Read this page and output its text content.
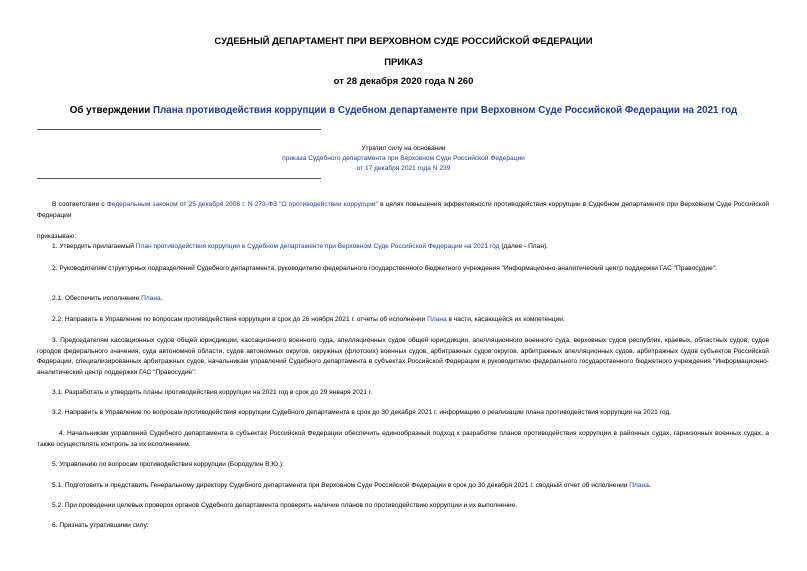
СУДЕБНЫЙ ДЕПАРТАМЕНТ ПРИ ВЕРХОВНОМ СУДЕ РОССИЙСКОЙ ФЕДЕРАЦИИ
ПРИКАЗ
от 28 декабря 2020 года N 260
Об утверждении Плана противодействия коррупции в Судебном департаменте при Верховном Суде Российской Федерации на 2021 год
Утратил силу на основании
приказа Судебного департамента при Верховном Суде Российской Федерации
от 17 декабря 2021 года N 239
В соответствии с Федеральным законом от 25 декабря 2008 г. N 273-ФЗ "О противодействии коррупции" в целях повышения эффективности противодействия коррупции в Судебном департаменте при Верховном Суде Российской Федерации
приказываю:
1. Утвердить прилагаемый План противодействия коррупции в Судебном департаменте при Верховном Суде Российской Федерации на 2021 год (далее - План).
2. Руководителям структурных подразделений Судебного департамента, руководителю федерального государственного бюджетного учреждения "Информационно-аналитический центр поддержки ГАС "Правосудие":
2.1. Обеспечить исполнение Плана.
2.2. Направить в Управление по вопросам противодействия коррупции в срок до 26 ноября 2021 г. отчеты об исполнении Плана в части, касающейся их компетенции.
3. Председателям кассационных судов общей юрисдикции, кассационного военного суда, апелляционных судов общей юрисдикции, апелляционного военного суда, верховных судов республик, краевых, областных судов, судов городов федерального значения, суда автономной области, судов автономных округов, окружных (флотских) военных судов, арбитражных судов округов, арбитражных апелляционных судов, арбитражных судов субъектов Российской Федерации, специализированных арбитражных судов, начальникам управлений Судебного департамента в субъектах Российской Федерации и руководителю федерального государственного бюджетного учреждения "Информационно-аналитический центр поддержки ГАС "Правосудие":
3.1. Разработать и утвердить планы противодействия коррупции на 2021 год в срок до 29 января 2021 г.
3.2. Направить в Управление по вопросам противодействия коррупции Судебного департамента в срок до 30 декабря 2021 г. информацию о реализации плана противодействия коррупции на 2021 год.
4. Начальникам управлений Судебного департамента в субъектах Российской Федерации обеспечить единообразный подход к разработке планов противодействия коррупции в районных судах, гарнизонных военных судах, а также осуществлять контроль за их исполнением.
5. Управлению по вопросам противодействия коррупции (Бородулин В.Ю.):
5.1. Подготовить и представить Генеральному директору Судебного департамента при Верховном Суде Российской Федерации в срок до 30 декабря 2021 г. сводный отчет об исполнении Плана.
5.2. При проведении целевых проверок органов Судебного департамента проверять наличие планов по противодействию коррупции и их выполнение.
6. Признать утратившими силу:
